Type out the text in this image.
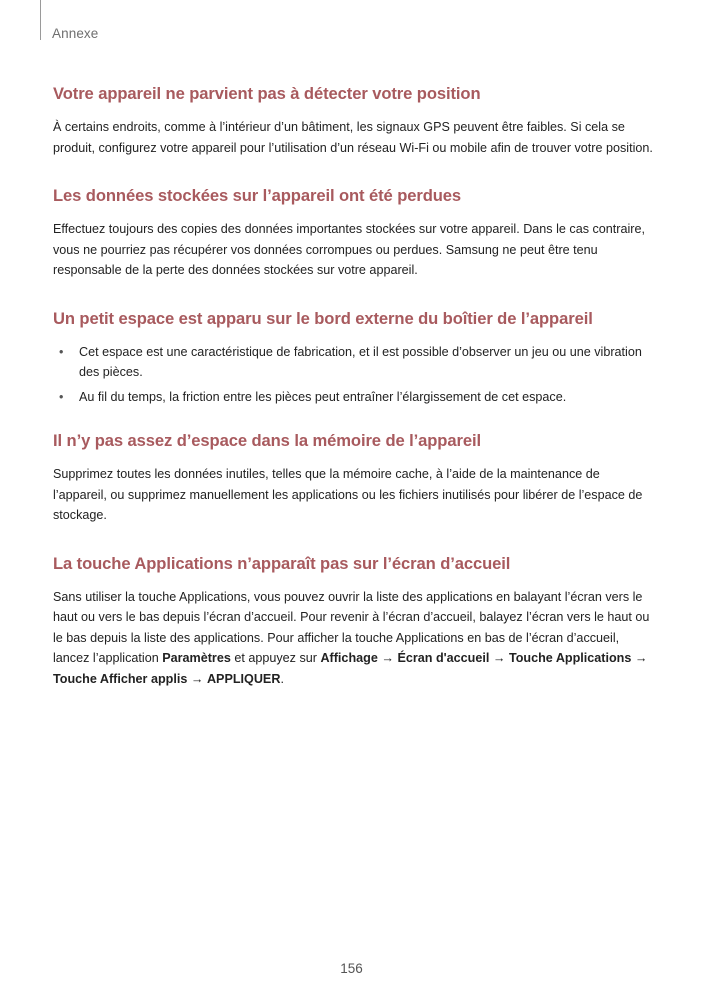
Annexe
Votre appareil ne parvient pas à détecter votre position

À certains endroits, comme à l’intérieur d’un bâtiment, les signaux GPS peuvent être faibles. Si cela se produit, configurez votre appareil pour l’utilisation d’un réseau Wi-Fi ou mobile afin de trouver votre position.

Les données stockées sur l’appareil ont été perdues

Effectuez toujours des copies des données importantes stockées sur votre appareil. Dans le cas contraire, vous ne pourriez pas récupérer vos données corrompues ou perdues. Samsung ne peut être tenu responsable de la perte des données stockées sur votre appareil.

Un petit espace est apparu sur le bord externe du boîtier de l’appareil
• Cet espace est une caractéristique de fabrication, et il est possible d’observer un jeu ou une vibration des pièces.
• Au fil du temps, la friction entre les pièces peut entraîner l’élargissement de cet espace.
Il n’y pas assez d’espace dans la mémoire de l’appareil

Supprimez toutes les données inutiles, telles que la mémoire cache, à l’aide de la maintenance de l’appareil, ou supprimez manuellement les applications ou les fichiers inutilisés pour libérer de l’espace de stockage.

La touche Applications n’apparaît pas sur l’écran d’accueil

Sans utiliser la touche Applications, vous pouvez ouvrir la liste des applications en balayant l’écran vers le haut ou vers le bas depuis l’écran d’accueil. Pour revenir à l’écran d’accueil, balayez l’écran vers le haut ou le bas depuis la liste des applications. Pour afficher la touche Applications en bas de l’écran d’accueil, lancez l’application Paramètres et appuyez sur Affichage → Écran d'accueil → Touche Applications → Touche Afficher applis → APPLIQUER.

156
